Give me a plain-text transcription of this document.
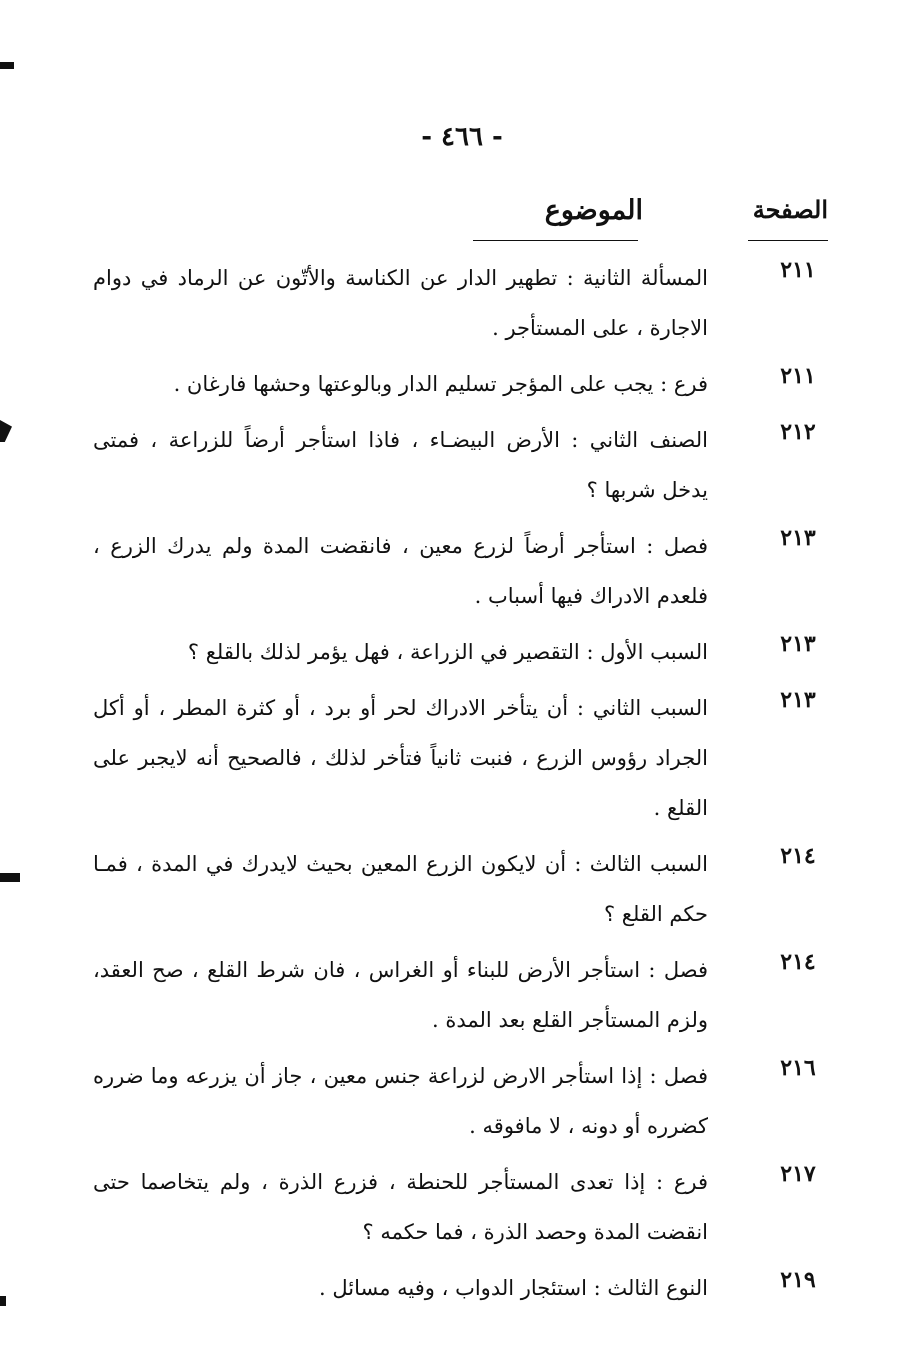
- ٤٦٦ -
الصفحة
الموضوع
٢١١
المسألة الثانية : تطهير الدار عن الكناسة والأتّون عن الرماد في دوام الاجارة ، على المستأجر .
٢١١
فرع : يجب على المؤجر تسليم الدار وبالوعتها وحشها فارغان .
٢١٢
الصنف الثاني : الأرض البيضـاء ، فاذا استأجر أرضاً للزراعة ، فمتى يدخل شربها ؟
٢١٣
فصل : استأجر أرضاً لزرع معين ، فانقضت المدة ولم يدرك الزرع ، فلعدم الادراك فيها أسباب .
٢١٣
السبب الأول : التقصير في الزراعة ، فهل يؤمر لذلك بالقلع ؟
٢١٣
السبب الثاني : أن يتأخر الادراك لحر أو برد ، أو كثرة المطر ، أو أكل الجراد رؤوس الزرع ، فنبت ثانياً فتأخر لذلك ، فالصحيح أنه لايجبر على القلع .
٢١٤
السبب الثالث : أن لايكون الزرع المعين بحيث لايدرك في المدة ، فمـا حكم القلع ؟
٢١٤
فصل : استأجر الأرض للبناء أو الغراس ، فان شرط القلع ، صح العقد، ولزم المستأجر القلع بعد المدة .
٢١٦
فصل : إذا استأجر الارض لزراعة جنس معين ، جاز أن يزرعه وما ضرره كضرره أو دونه ، لا مافوقه .
٢١٧
فرع : إذا تعدى المستأجر للحنطة ، فزرع الذرة ، ولم يتخاصما حتى انقضت المدة وحصد الذرة ، فما حكمه ؟
٢١٩
النوع الثالث : استئجار الدواب ، وفيه مسائل .
